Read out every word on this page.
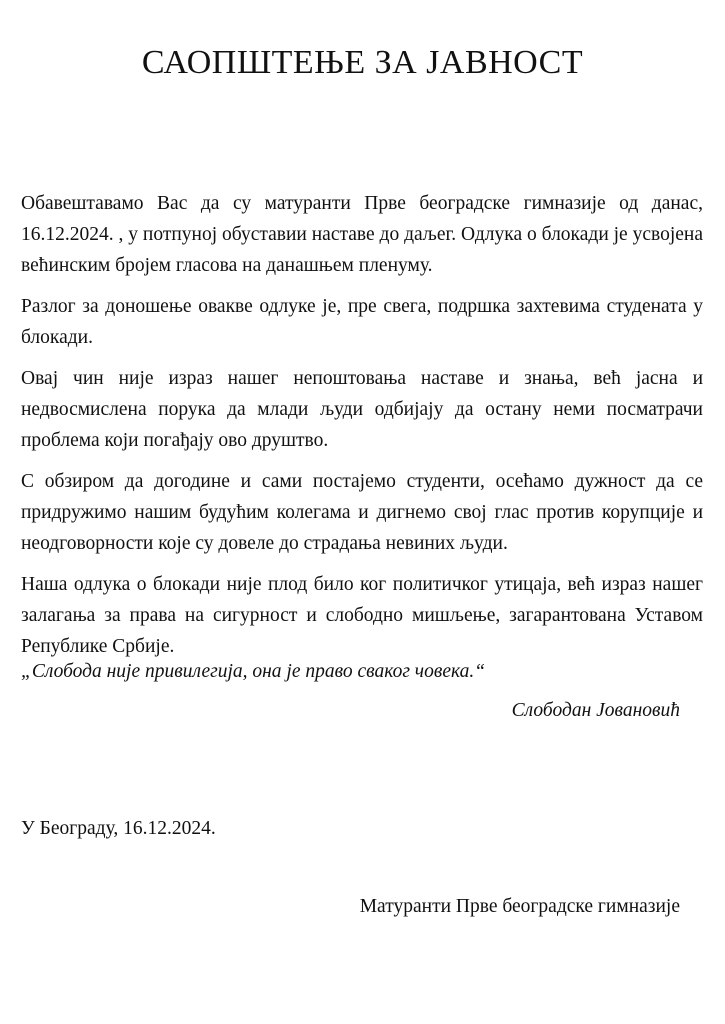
САОПШТЕЊЕ ЗА ЈАВНОСТ

Обавештавамо Вас да су матуранти Прве београдске гимназије од данас, 16.12.2024. , у потпуној обуставии наставе до даљег. Одлука о блокади је усвојена већинским бројем гласова на данашњем пленуму.

Разлог за доношење овакве одлуке је, пре свега, подршка захтевима студената у блокади.

Овај чин није израз нашег непоштовања наставе и знања, већ јасна и недвосмислена порука да млади људи одбијају да остану неми посматрачи проблема који погађају ово друштво.

С обзиром да догодине и сами постајемо студенти, осећамо дужност да се придружимо нашим будућим колегама и дигнемо свој глас против корупције и неодговорности које су довеле до страдања невиних људи.

Наша одлука о блокади није плод било ког политичког утицаја, већ израз нашег залагања за права на сигурност и слободно мишљење, загарантована Уставом Републике Србије.

„Слобода није привилегија, она је право сваког човека.“

Слободан Јовановић

У Београду, 16.12.2024.

Матуранти Прве београдске гимназије
